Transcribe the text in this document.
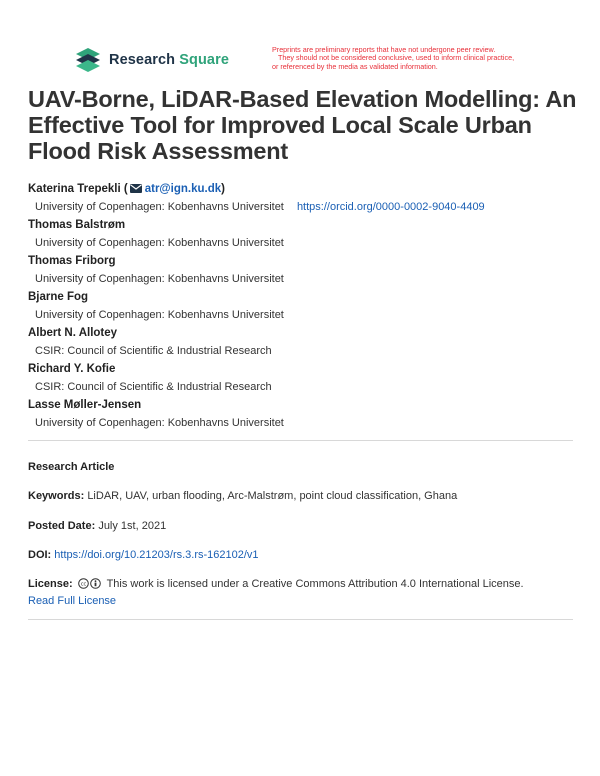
Research Square
Preprints are preliminary reports that have not undergone peer review.
They should not be considered conclusive, used to inform clinical practice,
or referenced by the media as validated information.
UAV-Borne, LiDAR-Based Elevation Modelling: An Effective Tool for Improved Local Scale Urban Flood Risk Assessment
Katerina Trepekli ( atr@ign.ku.dk)
University of Copenhagen: Kobenhavns Universitet https://orcid.org/0000-0002-9040-4409
Thomas Balstrøm
University of Copenhagen: Kobenhavns Universitet
Thomas Friborg
University of Copenhagen: Kobenhavns Universitet
Bjarne Fog
University of Copenhagen: Kobenhavns Universitet
Albert N. Allotey
CSIR: Council of Scientific & Industrial Research
Richard Y. Kofie
CSIR: Council of Scientific & Industrial Research
Lasse Møller-Jensen
University of Copenhagen: Kobenhavns Universitet
Research Article
Keywords: LiDAR, UAV, urban flooding, Arc-Malstrøm, point cloud classification, Ghana
Posted Date: July 1st, 2021
DOI: https://doi.org/10.21203/rs.3.rs-162102/v1
License: cc This work is licensed under a Creative Commons Attribution 4.0 International License.
Read Full License
